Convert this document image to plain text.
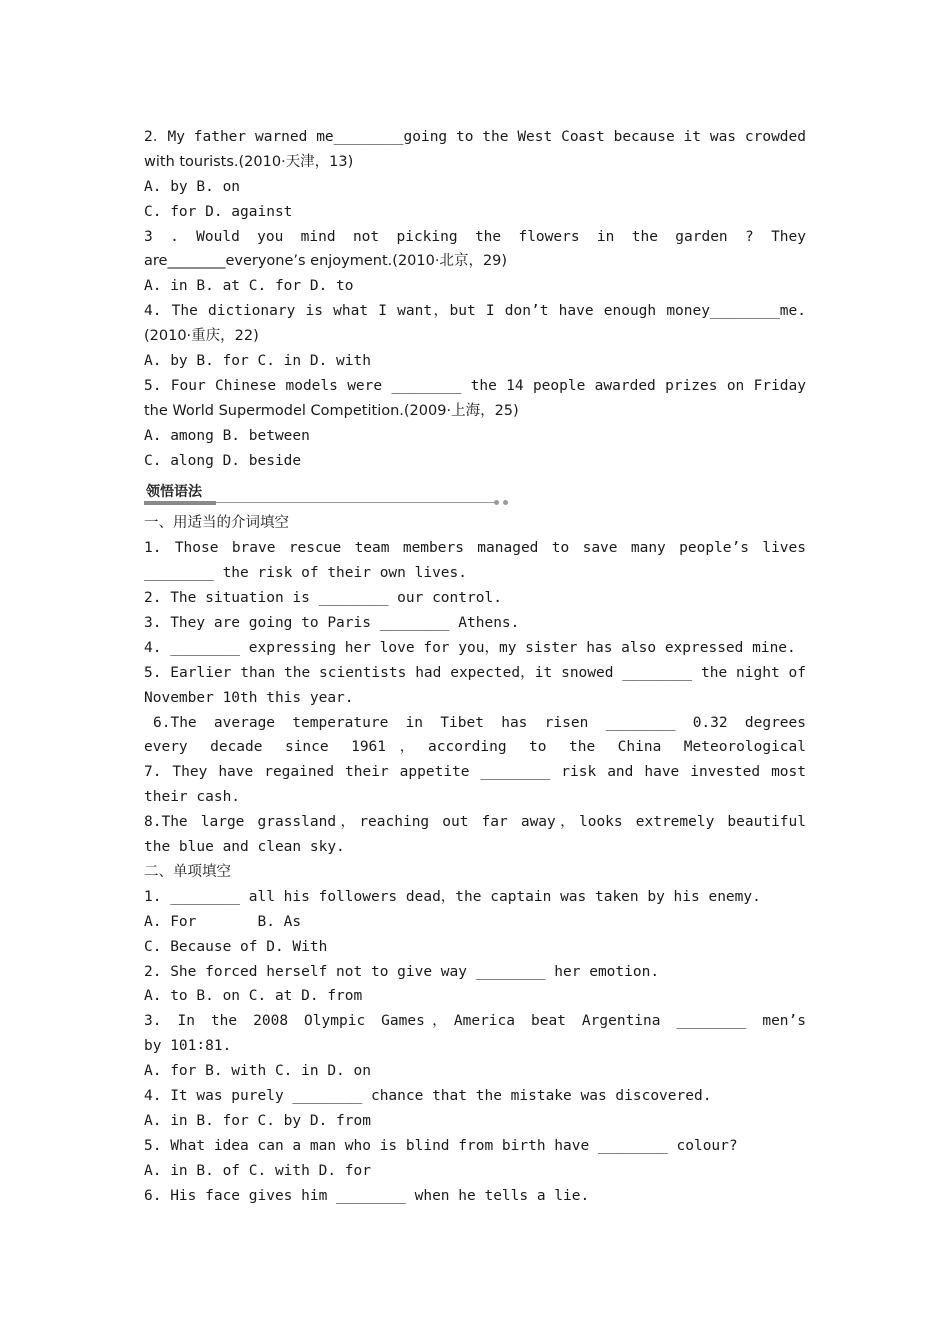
2．My father warned me________going to the West Coast because it was crowded
with tourists.(2010·天津，13)
A. by B. on
C. for D. against
3 . Would you mind not picking the flowers in the garden ? They
are________everyone’s enjoyment.(2010·北京，29)
A. in B. at C. for D. to
4. The dictionary is what I want，but I don’t have enough money________me.
(2010·重庆，22)
A. by B. for C. in D. with
5. Four Chinese models were ________ the 14 people awarded prizes on Friday
the World Supermodel Competition.(2009·上海，25)
A. among B. between
C. along D. beside
领悟语法
一、用适当的介词填空
1. Those brave rescue team members managed to save many people’s lives
________ the risk of their own lives.
2. The situation is ________ our control.
3. They are going to Paris ________ Athens.
4. ________ expressing her love for you，my sister has also expressed mine.
5. Earlier than the scientists had expected，it snowed ________ the night of
November 10th this year.
6.The average temperature in Tibet has risen ________ 0.32 degrees
every decade since 1961，according to the China Meteorological
7. They have regained their appetite ________ risk and have invested most
their cash.
8.The large grassland，reaching out far away，looks extremely beautiful
the blue and clean sky.
二、单项填空
1. ________ all his followers dead，the captain was taken by his enemy.
A. For       B. As
C. Because of D. With
2. She forced herself not to give way ________ her emotion.
A. to B. on C. at D. from
3. In the 2008 Olympic Games，America beat Argentina ________ men’s
by 101∶81.
A. for B. with C. in D. on
4. It was purely ________ chance that the mistake was discovered.
A. in B. for C. by D. from
5. What idea can a man who is blind from birth have ________ colour?
A. in B. of C. with D. for
6. His face gives him ________ when he tells a lie.
